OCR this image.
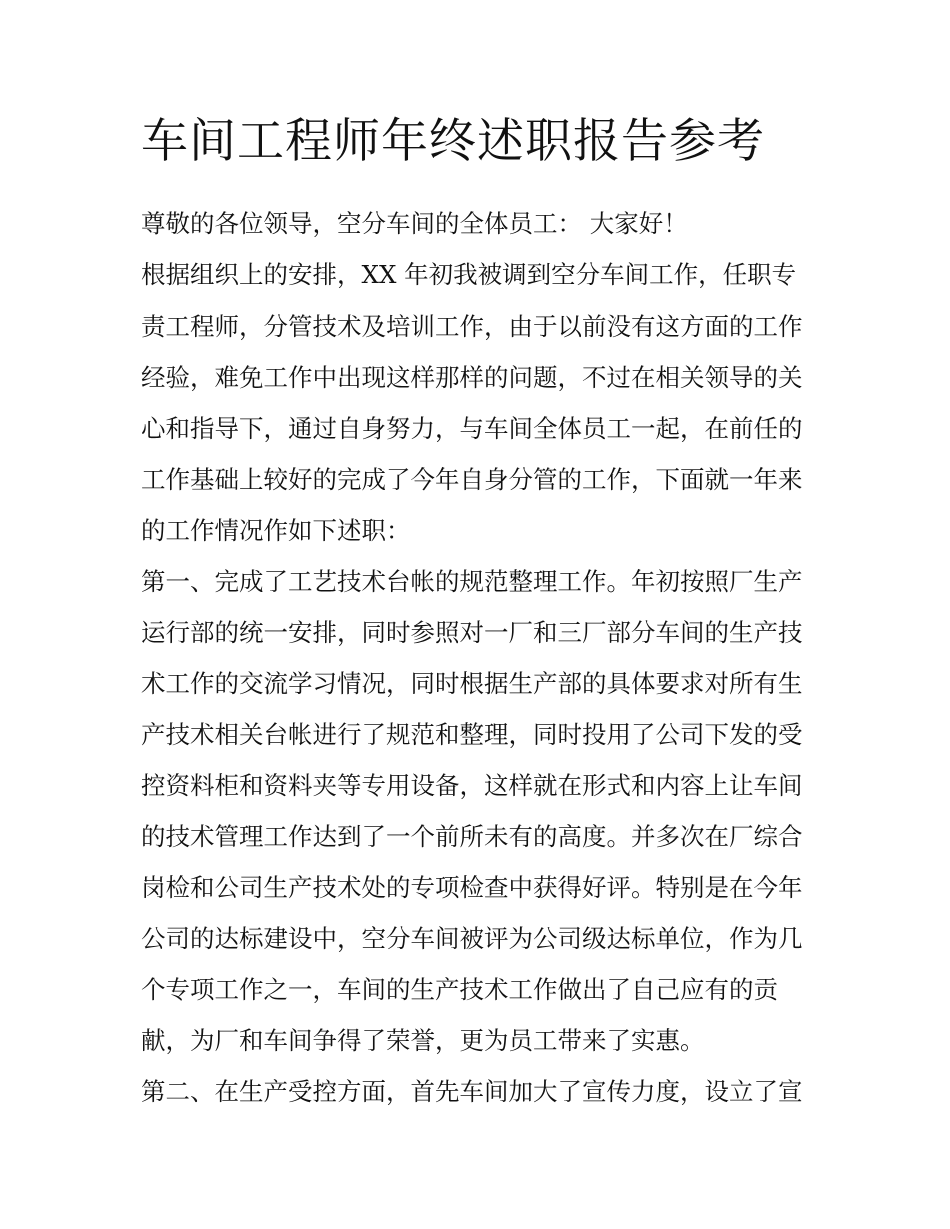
车间工程师年终述职报告参考

尊敬的各位领导，空分车间的全体员工： 大家好！

根据组织上的安排，XX 年初我被调到空分车间工作，任职专

责工程师，分管技术及培训工作，由于以前没有这方面的工作

经验，难免工作中出现这样那样的问题，不过在相关领导的关

心和指导下，通过自身努力，与车间全体员工一起，在前任的

工作基础上较好的完成了今年自身分管的工作，下面就一年来

的工作情况作如下述职：

第一、完成了工艺技术台帐的规范整理工作。年初按照厂生产

运行部的统一安排，同时参照对一厂和三厂部分车间的生产技

术工作的交流学习情况，同时根据生产部的具体要求对所有生

产技术相关台帐进行了规范和整理，同时投用了公司下发的受

控资料柜和资料夹等专用设备，这样就在形式和内容上让车间

的技术管理工作达到了一个前所未有的高度。并多次在厂综合

岗检和公司生产技术处的专项检查中获得好评。特别是在今年

公司的达标建设中，空分车间被评为公司级达标单位，作为几

个专项工作之一，车间的生产技术工作做出了自己应有的贡

献，为厂和车间争得了荣誉，更为员工带来了实惠。

第二、在生产受控方面，首先车间加大了宣传力度，设立了宣
